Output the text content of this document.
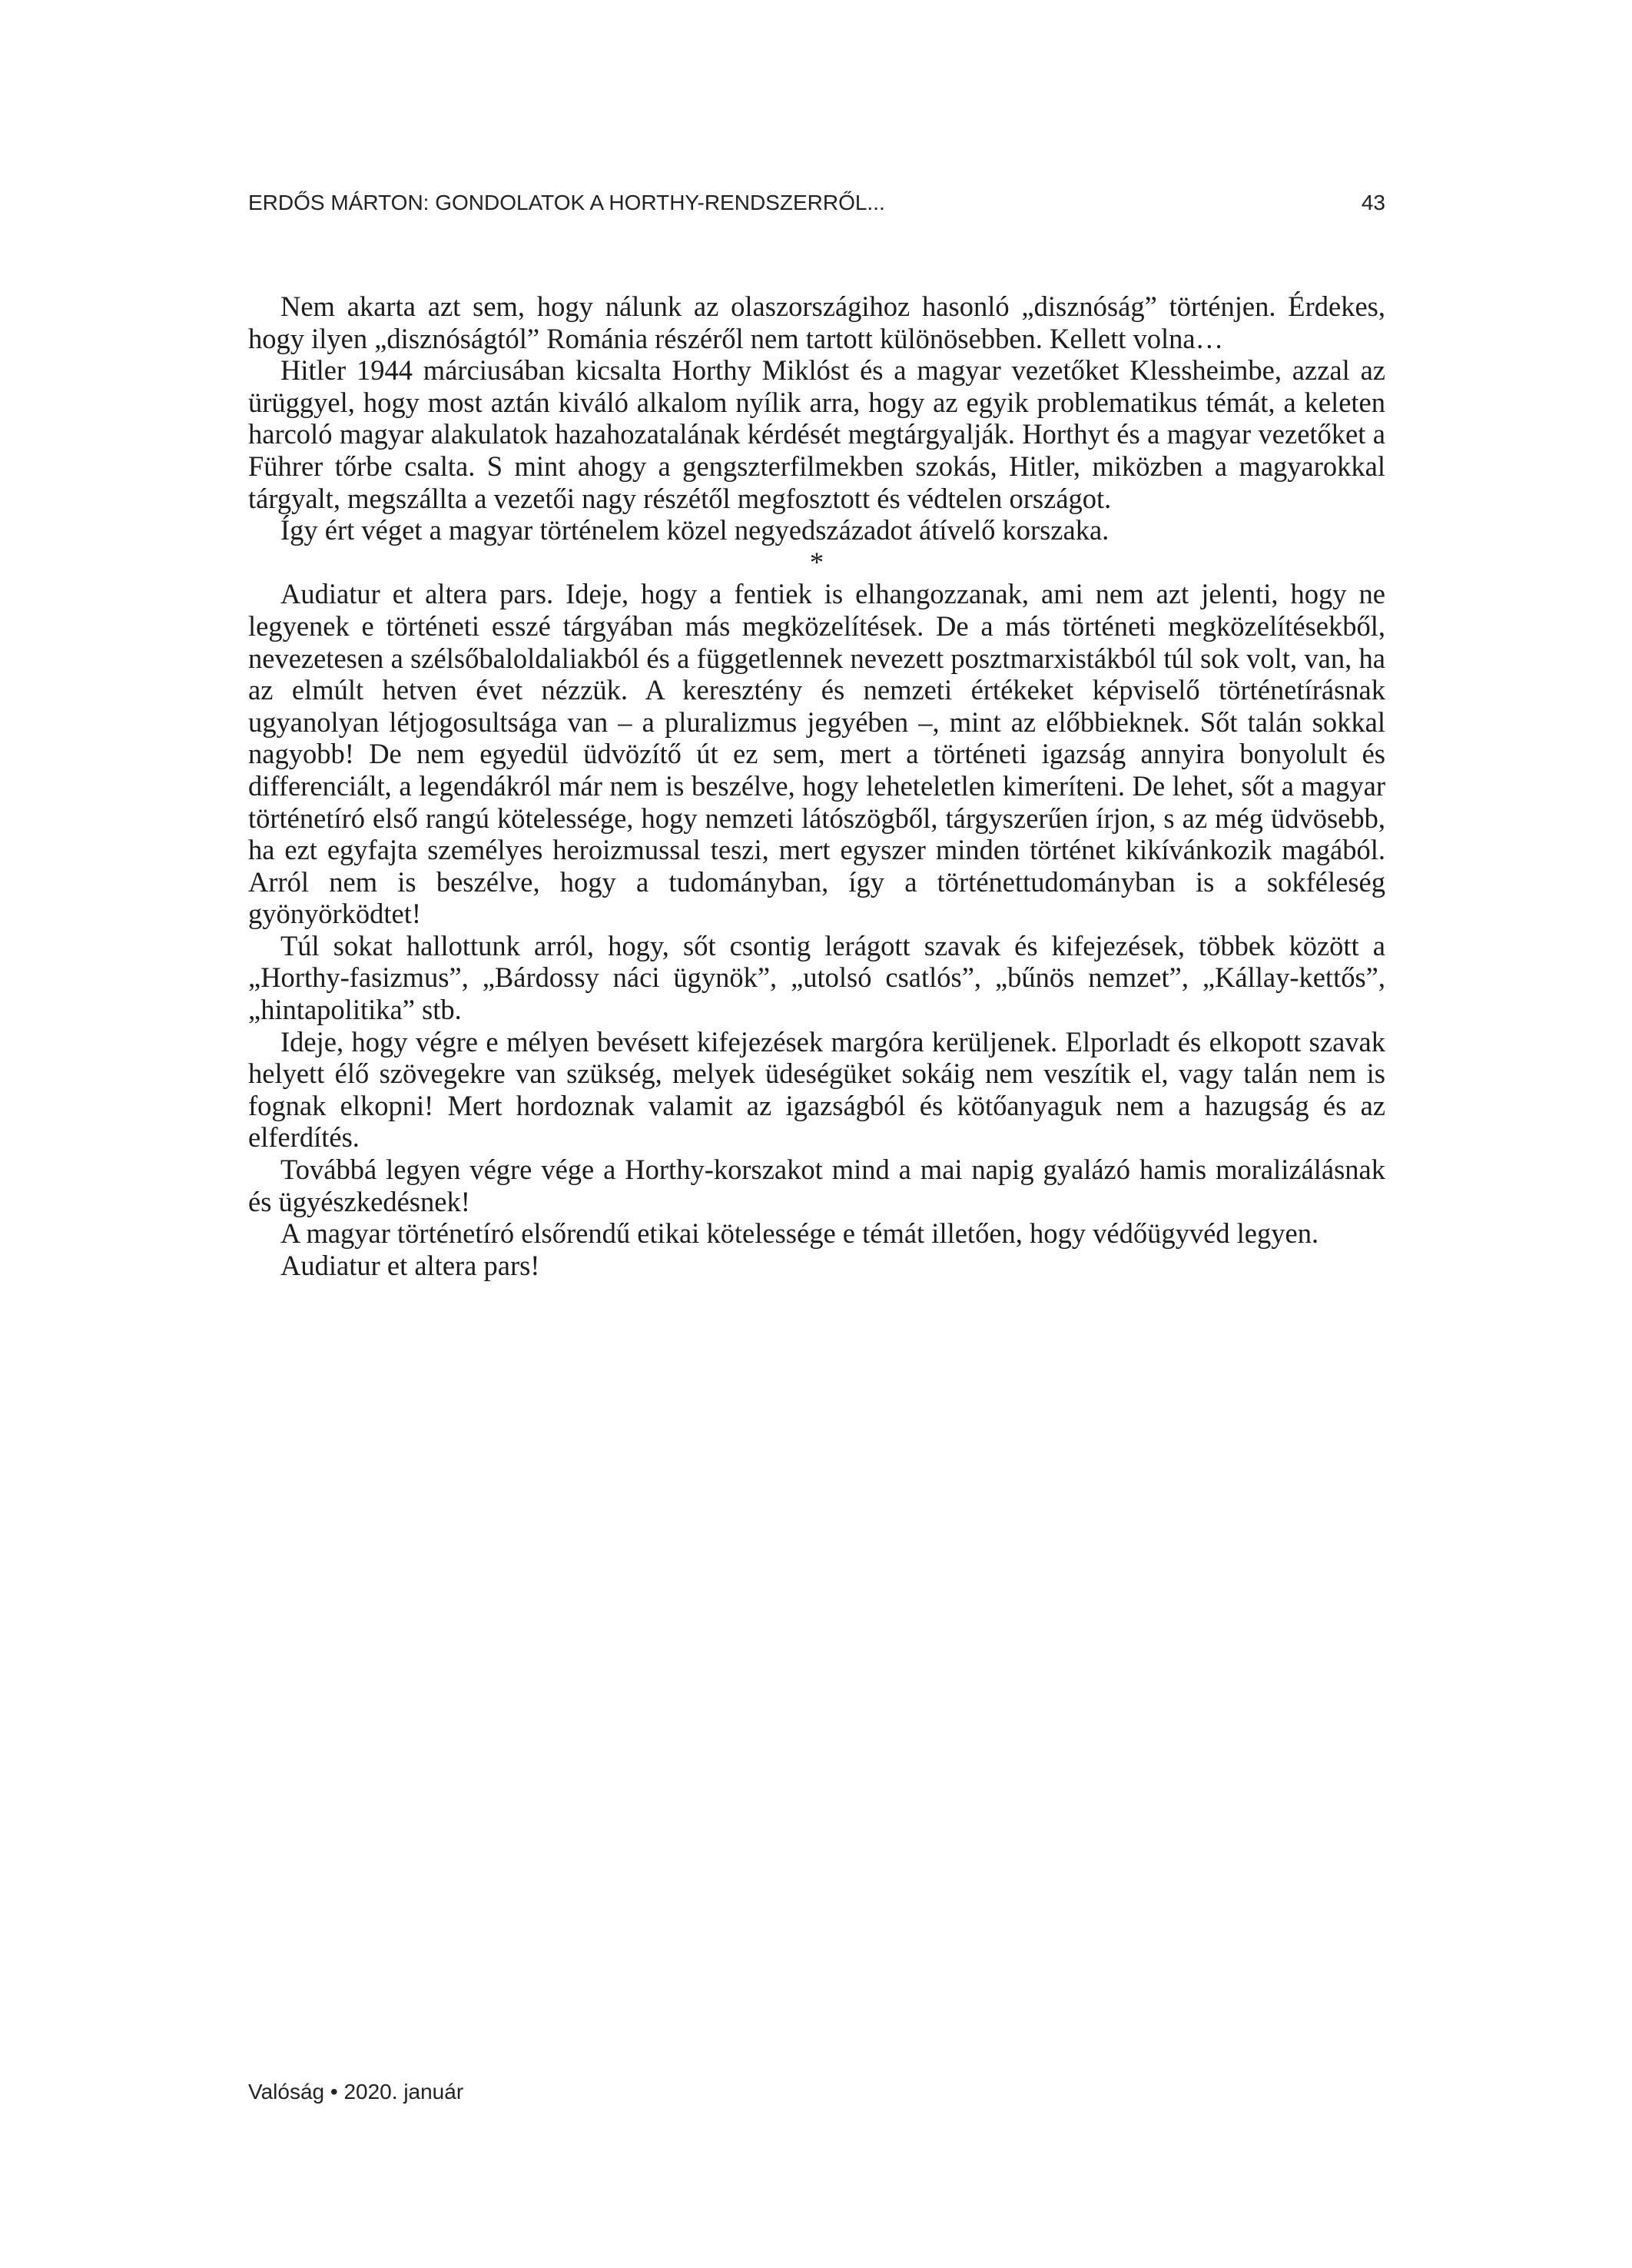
ERDŐS MÁRTON: GONDOLATOK A HORTHY-RENDSZERRŐL...	43

Nem akarta azt sem, hogy nálunk az olaszországihoz hasonló „disznóság” történjen. Érdekes, hogy ilyen „disznóságtól” Románia részéről nem tartott különösebben. Kellett volna…

Hitler 1944 márciusában kicsalta Horthy Miklóst és a magyar vezetőket Klessheimbe, azzal az ürüggyel, hogy most aztán kiváló alkalom nyílik arra, hogy az egyik problematikus témát, a keleten harcoló magyar alakulatok hazahozatalának kérdését megtárgyalják. Horthyt és a magyar vezetőket a Führer tőrbe csalta. S mint ahogy a gengszterfilmekben szokás, Hitler, miközben a magyarokkal tárgyalt, megszállta a vezetői nagy részétől megfosztott és védtelen országot.

Így ért véget a magyar történelem közel negyedszázadot átívelő korszaka.

*

Audiatur et altera pars. Ideje, hogy a fentiek is elhangozzanak, ami nem azt jelenti, hogy ne legyenek e történeti esszé tárgyában más megközelítések. De a más történeti megközelítésekből, nevezetesen a szélsőbaloldaliakból és a függetlennek nevezett posztmarxistákból túl sok volt, van, ha az elmúlt hetven évet nézzük. A keresztény és nemzeti értékeket képviselő történetírásnak ugyanolyan létjogosultsága van – a pluralizmus jegyében –, mint az előbbieknek. Sőt talán sokkal nagyobb! De nem egyedül üdvözítő út ez sem, mert a történeti igazság annyira bonyolult és differenciált, a legendákról már nem is beszélve, hogy leheteletlen kimeríteni. De lehet, sőt a magyar történetíró első rangú kötelessége, hogy nemzeti látószögből, tárgyszerűen írjon, s az még üdvösebb, ha ezt egyfajta személyes heroizmussal teszi, mert egyszer minden történet kikívánkozik magából. Arról nem is beszélve, hogy a tudományban, így a történettudományban is a sokféleség gyönyörködtet!

Túl sokat hallottunk arról, hogy, sőt csontig lerágott szavak és kifejezések, többek között a „Horthy-fasizmus”, „Bárdossy náci ügynök”, „utolsó csatlós”, „bűnös nemzet”, „Kállay-kettős”, „hintapolitika” stb.

Ideje, hogy végre e mélyen bevésett kifejezések margóra kerüljenek. Elporladt és elkopott szavak helyett élő szövegekre van szükség, melyek üdeségüket sokáig nem veszítik el, vagy talán nem is fognak elkopni! Mert hordoznak valamit az igazságból és kötőanyaguk nem a hazugság és az elferdítés.

Továbbá legyen végre vége a Horthy-korszakot mind a mai napig gyalázó hamis moralizálásnak és ügyészkedésnek!

A magyar történetíró elsőrendű etikai kötelessége e témát illetően, hogy védőügyvéd legyen.

Audiatur et altera pars!

Valóság • 2020. január
